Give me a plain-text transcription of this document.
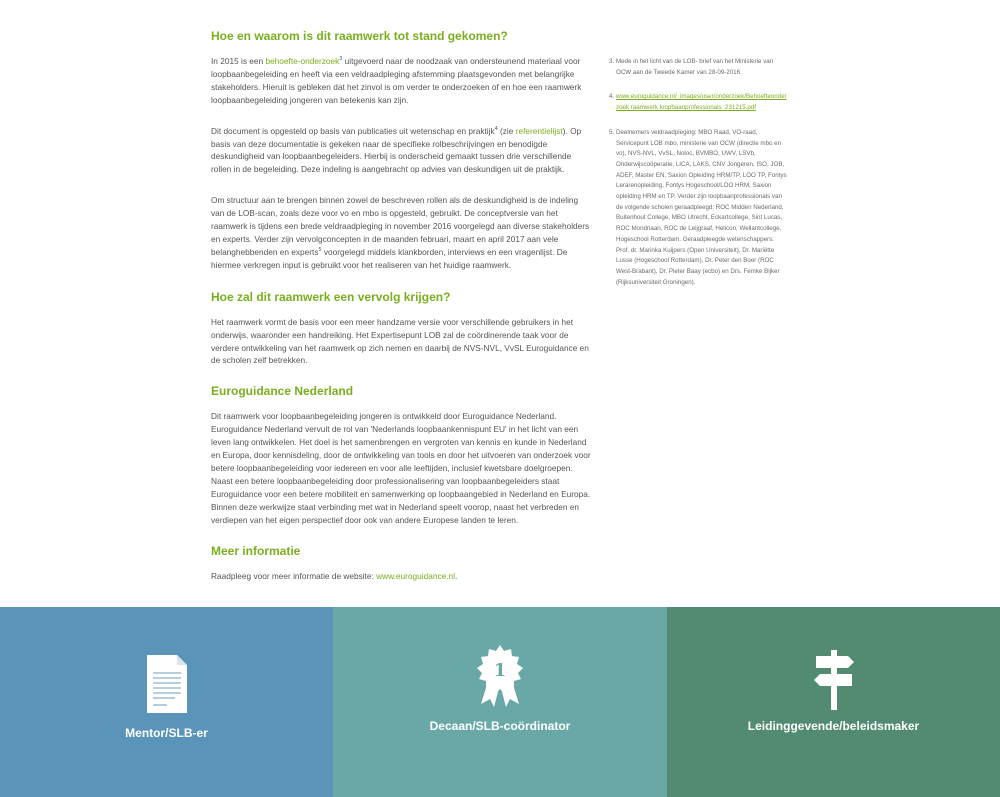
Hoe en waarom is dit raamwerk tot stand gekomen?

In 2015 is een behoefte-onderzoek$^3$ uitgevoerd naar de noodzaak van ondersteunend materiaal voor loopbaanbegeleiding en heeft via een veldraadpleging afstemming plaatsgevonden met belangrijke stakeholders. Hieruit is gebleken dat het zinvol is om verder te onderzoeken of en hoe een raamwerk loopbaanbegeleiding jongeren van betekenis kan zijn.

Dit document is opgesteld op basis van publicaties uit wetenschap en praktijk$^4$ (zie referentielijst). Op basis van deze documentatie is gekeken naar de specifieke rolbeschrijvingen en benodigde deskundigheid van loopbaanbegeleiders. Hierbij is onderscheid gemaakt tussen drie verschillende rollen in de begeleiding. Deze indeling is aangebracht op advies van deskundigen uit de praktijk.

Om structuur aan te brengen binnen zowel de beschreven rollen als de deskundigheid is de indeling van de LOB-scan, zoals deze voor vo en mbo is opgesteld, gebruikt. De conceptversie van het raamwerk is tijdens een brede veldraadpleging in november 2016 voorgelegd aan diverse stakeholders en experts. Verder zijn vervolgconcepten in de maanden februari, maart en april 2017 aan vele belanghebbenden en experts$^5$ voorgelegd middels klankborden, interviews en een vragenlijst. De hiermee verkregen input is gebruikt voor het realiseren van het huidige raamwerk.

Hoe zal dit raamwerk een vervolg krijgen?

Het raamwerk vormt de basis voor een meer handzame versie voor verschillende gebruikers in het onderwijs, waaronder een handreiking. Het Expertisepunt LOB zal de coördinerende taak voor de verdere ontwikkeling van het raamwerk op zich nemen en daarbij de NVS-NVL, VvSL Euroguidance en de scholen zelf betrekken.

Euroguidance Nederland

Dit raamwerk voor loopbaanbegeleiding jongeren is ontwikkeld door Euroguidance Nederland. Euroguidance Nederland vervult de rol van 'Nederlands loopbaankennispunt EU' in het licht van een leven lang ontwikkelen. Het doel is het samenbrengen en vergroten van kennis en kunde in Nederland en Europa, door kennisdeling, door de ontwikkeling van tools en door het uitvoeren van onderzoek voor betere loopbaanbegeleiding voor iedereen en voor alle leeftijden, inclusief kwetsbare doelgroepen. Naast een betere loopbaanbegeleiding door professionalisering van loopbaanbegeleiders staat Euroguidance voor een betere mobiliteit en samenwerking op loopbaangebied in Nederland en Europa. Binnen deze werkwijze staat verbinding met wat in Nederland speelt voorop, naast het verbreden en verdiepen van het eigen perspectief door ook van andere Europese landen te leren.

Meer informatie

Raadpleeg voor meer informatie de website: www.euroguidance.nl.

3. Mede in het licht van de LOB- brief van het Ministerie van OCW aan de Tweede Kamer van 28-09-2016.
4. www.euroguidance.nl/_images/user/onderzoek/Behoefteonderzoek raamwerk loopbaanprofessionals_231215.pdf
5. Deelnemers veldraadpleging: MBO Raad, VO-raad, Servicepunt LOB mbo, ministerie van OCW (directie mbo en vo), NVS-NVL, VvSL, Noloc, BVMBO, UWV, LSVb, Onderwijscoöperatie, LICA, LAKS, CNV Jongeren, ISO, JOB, ADEF, Master EN, Saxion Opleiding HRM/TP, LOO TP, Fontys Lerarenopleiding, Fontys Hogeschool/LOO HRM, Saxion opleiding HRM en TP. Verder zijn loopbaanprofessionals van de volgende scholen geraadpleegd: ROC Midden Nederland, Buitenhout College, MBO Utrecht, Eckartcollege, Sint Lucas, ROC Mondriaan, ROC de Leijgraaf, Helicon, Wellantcollege, Hogeschool Rotterdam. Geraadpleegde wetenschappers: Prof. dr. Marinka Kuijpers (Open Universiteit), Dr. Mariëtte Lusse (Hogeschool Rotterdam), Dr. Peter den Boer (ROC West-Brabant), Dr. Pieter Baay (ecbo) en Drs. Femke Bijker (Rijksuniversiteit Groningen).
Mentor/SLB-er
1
Decaan/SLB-coördinator	Leidinggevende/beleidsmaker
